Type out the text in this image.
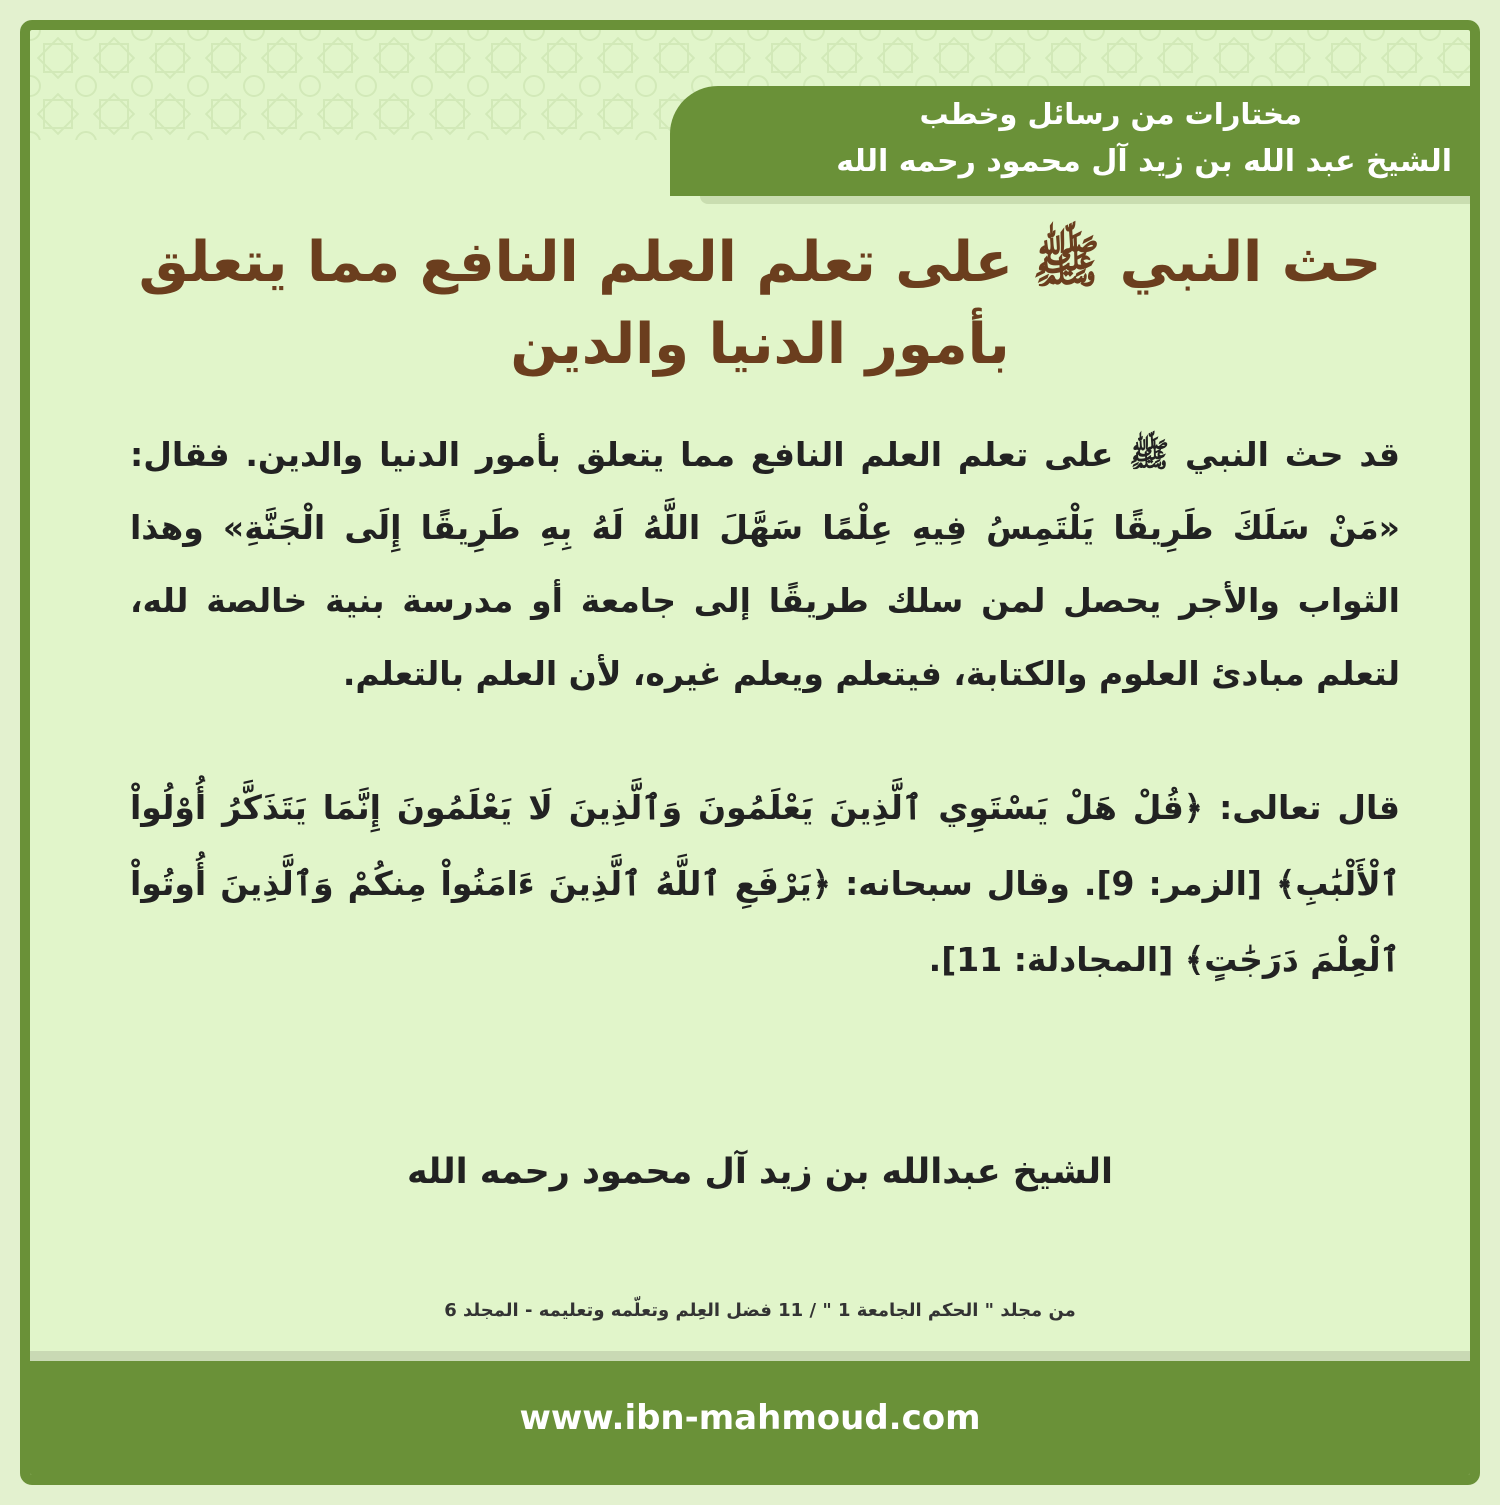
مختارات من رسائل وخطب
الشيخ عبد الله بن زيد آل محمود رحمه الله
حث النبي ﷺ على تعلم العلم النافع مما يتعلق بأمور الدنيا والدين

قد حث النبي ﷺ على تعلم العلم النافع مما يتعلق بأمور الدنيا والدين. فقال: «مَنْ سَلَكَ طَرِيقًا يَلْتَمِسُ فِيهِ عِلْمًا سَهَّلَ اللَّهُ لَهُ بِهِ طَرِيقًا إِلَى الْجَنَّةِ» وهذا الثواب والأجر يحصل لمن سلك طريقًا إلى جامعة أو مدرسة بنية خالصة لله، لتعلم مبادئ العلوم والكتابة، فيتعلم ويعلم غيره، لأن العلم بالتعلم.

قال تعالى: ﴿قُلْ هَلْ يَسْتَوِي ٱلَّذِينَ يَعْلَمُونَ وَٱلَّذِينَ لَا يَعْلَمُونَ إِنَّمَا يَتَذَكَّرُ أُوْلُواْ ٱلْأَلْبَٰبِ﴾ [الزمر: 9]. وقال سبحانه: ﴿يَرْفَعِ ٱللَّهُ ٱلَّذِينَ ءَامَنُواْ مِنكُمْ وَٱلَّذِينَ أُوتُواْ ٱلْعِلْمَ دَرَجَٰتٍ﴾ [المجادلة: 11].

الشيخ عبدالله بن زيد آل محمود رحمه الله
من مجلد " الحكم الجامعة 1 " / 11 فضل العِلم وتعلّمه وتعليمه - المجلد 6
www.ibn-mahmoud.com
